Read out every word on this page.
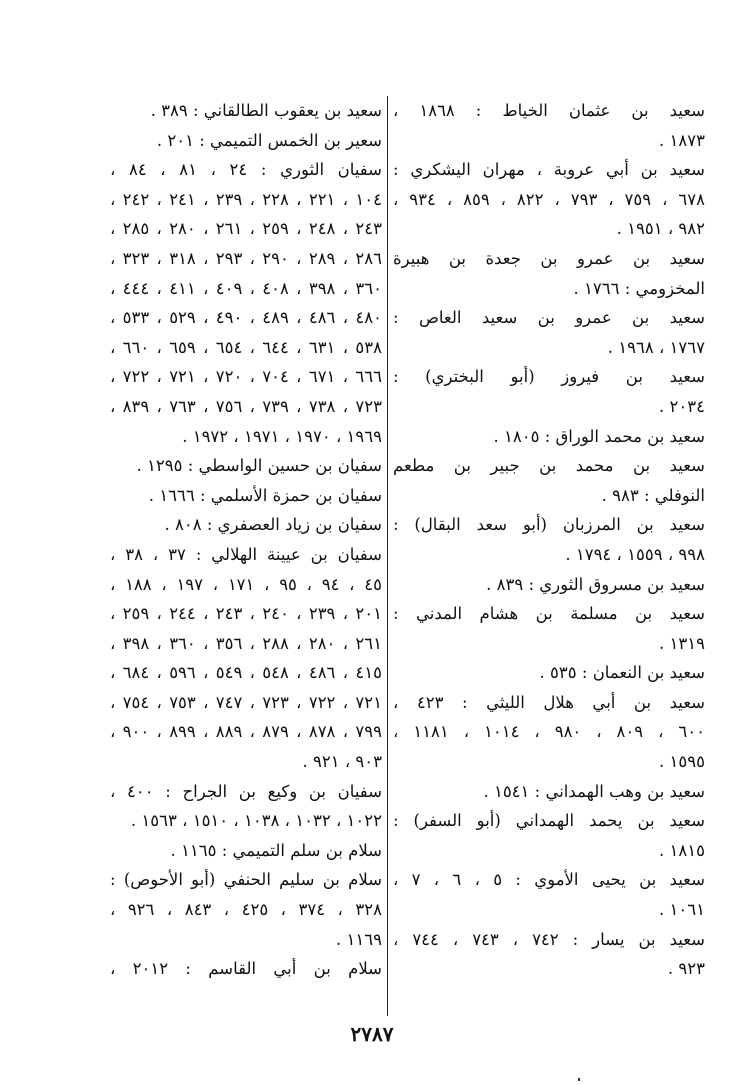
سعيد بن عثمان الخياط : ١٨٦٨ ،
١٨٧٣ .
سعيد بن أبي عروبة ، مهران اليشكري :
٦٧٨ ، ٧٥٩ ، ٧٩٣ ، ٨٢٢ ، ٨٥٩ ، ٩٣٤ ،
٩٨٢ ، ١٩٥١ .
سعيد بن عمرو بن جعدة بن هبيرة
المخزومي : ١٧٦٦ .
سعيد بن عمرو بن سعيد العاص :
١٧٦٧ ، ١٩٦٨ .
سعيد بن فيروز (أبو البختري) :
٢٠٣٤ .
سعيد بن محمد الوراق : ١٨٠٥ .
سعيد بن محمد بن جبير بن مطعم
النوفلي : ٩٨٣ .
سعيد بن المرزبان (أبو سعد البقال) :
٩٩٨ ، ١٥٥٩ ، ١٧٩٤ .
سعيد بن مسروق الثوري : ٨٣٩ .
سعيد بن مسلمة بن هشام المدني :
١٣١٩ .
سعيد بن النعمان : ٥٣٥ .
سعيد بن أبي هلال الليثي : ٤٢٣ ،
٦٠٠ ، ٨٠٩ ، ٩٨٠ ، ١٠١٤ ، ١١٨١ ،
١٥٩٥ .
سعيد بن وهب الهمداني : ١٥٤١ .
سعيد بن يحمد الهمداني (أبو السفر) :
١٨١٥ .
سعيد بن يحيى الأموي : ٥ ، ٦ ، ٧ ،
١٠٦١ .
سعيد بن يسار : ٧٤٢ ، ٧٤٣ ، ٧٤٤ ،
٩٢٣ .
سعيد بن يعقوب الطالقاني : ٣٨٩ .
سعير بن الخمس التميمي : ٢٠١ .
سفيان الثوري : ٢٤ ، ٨١ ، ٨٤ ،
١٠٤ ، ٢٢١ ، ٢٢٨ ، ٢٣٩ ، ٢٤١ ، ٢٤٢ ،
٢٤٣ ، ٢٤٨ ، ٢٥٩ ، ٢٦١ ، ٢٨٠ ، ٢٨٥ ،
٢٨٦ ، ٢٨٩ ، ٢٩٠ ، ٢٩٣ ، ٣١٨ ، ٣٢٣ ،
٣٦٠ ، ٣٩٨ ، ٤٠٨ ، ٤٠٩ ، ٤١١ ، ٤٤٤ ،
٤٨٠ ، ٤٨٦ ، ٤٨٩ ، ٤٩٠ ، ٥٢٩ ، ٥٣٣ ،
٥٣٨ ، ٦٣١ ، ٦٤٤ ، ٦٥٤ ، ٦٥٩ ، ٦٦٠ ،
٦٦٦ ، ٦٧١ ، ٧٠٤ ، ٧٢٠ ، ٧٢١ ، ٧٢٢ ،
٧٢٣ ، ٧٣٨ ، ٧٣٩ ، ٧٥٦ ، ٧٦٣ ، ٨٣٩ ،
١٩٦٩ ، ١٩٧٠ ، ١٩٧١ ، ١٩٧٢ .
سفيان بن حسين الواسطي : ١٢٩٥ .
سفيان بن حمزة الأسلمي : ١٦٦٦ .
سفيان بن زياد العصفري : ٨٠٨ .
سفيان بن عيينة الهلالي : ٣٧ ، ٣٨ ،
٤٥ ، ٩٤ ، ٩٥ ، ١٧١ ، ١٩٧ ، ١٨٨ ،
٢٠١ ، ٢٣٩ ، ٢٤٠ ، ٢٤٣ ، ٢٤٤ ، ٢٥٩ ،
٢٦١ ، ٢٨٠ ، ٢٨٨ ، ٣٥٦ ، ٣٦٠ ، ٣٩٨ ،
٤١٥ ، ٤٨٦ ، ٥٤٨ ، ٥٤٩ ، ٥٩٦ ، ٦٨٤ ،
٧٢١ ، ٧٢٢ ، ٧٢٣ ، ٧٤٧ ، ٧٥٣ ، ٧٥٤ ،
٧٩٩ ، ٨٧٨ ، ٨٧٩ ، ٨٨٩ ، ٨٩٩ ، ٩٠٠ ،
٩٠٣ ، ٩٢١ .
سفيان بن وكيع بن الجراح : ٤٠٠ ،
١٠٢٢ ، ١٠٣٢ ، ١٠٣٨ ، ١٥١٠ ، ١٥٦٣ .
سلام بن سلم التميمي : ١١٦٥ .
سلام بن سليم الحنفي (أبو الأحوص) :
٣٢٨ ، ٣٧٤ ، ٤٢٥ ، ٨٤٣ ، ٩٢٦ ،
١١٦٩ .
سلام بن أبي القاسم : ٢٠١٢ ،
٢٧٨٧
